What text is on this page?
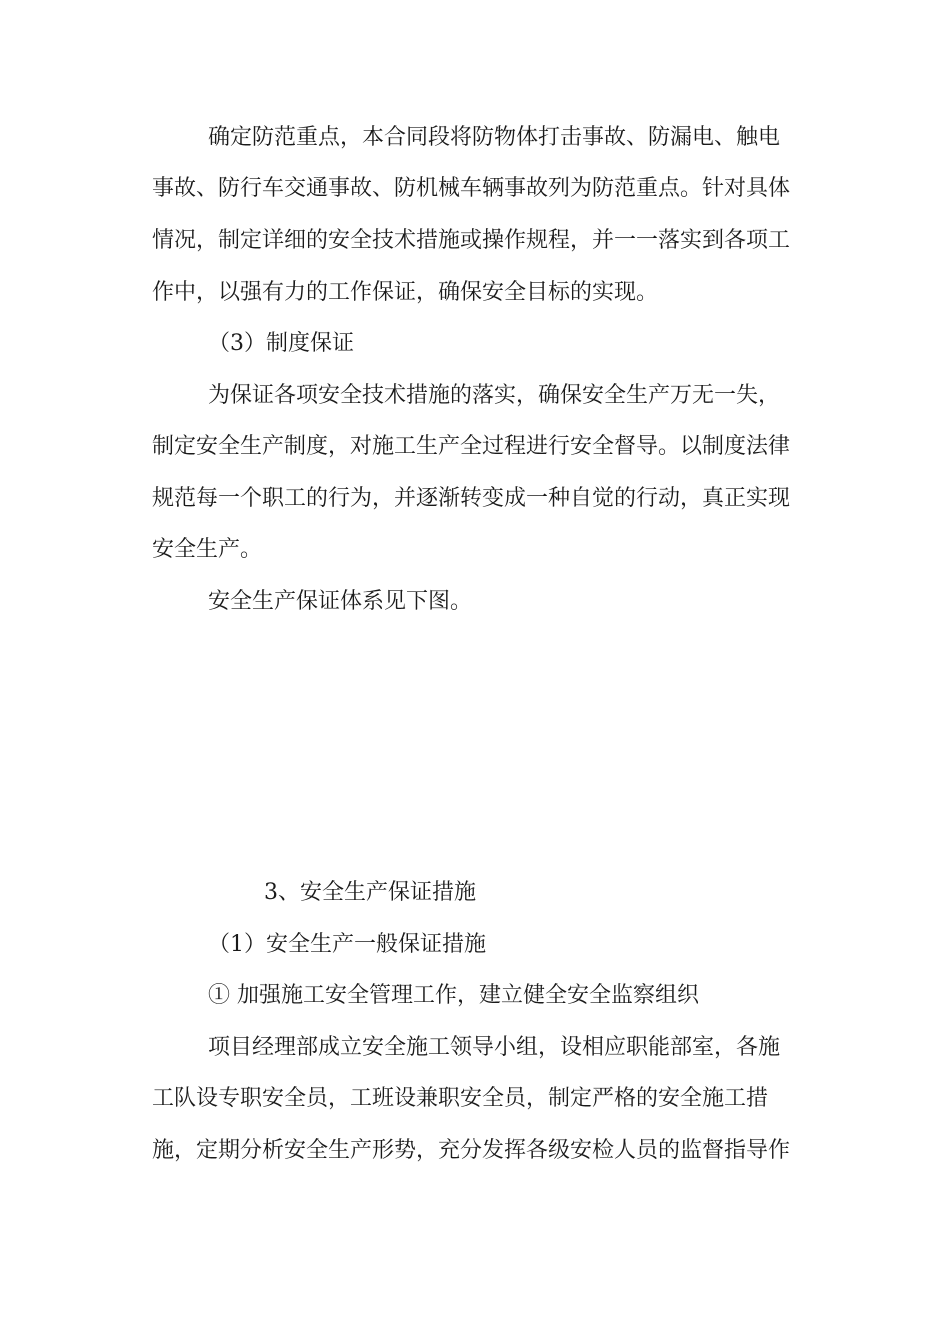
确定防范重点，本合同段将防物体打击事故、防漏电、触电

事故、防行车交通事故、防机械车辆事故列为防范重点。针对具体

情况，制定详细的安全技术措施或操作规程，并一一落实到各项工

作中，以强有力的工作保证，确保安全目标的实现。

（3）制度保证

为保证各项安全技术措施的落实，确保安全生产万无一失，

制定安全生产制度，对施工生产全过程进行安全督导。以制度法律

规范每一个职工的行为，并逐渐转变成一种自觉的行动，真正实现

安全生产。

安全生产保证体系见下图。

3、安全生产保证措施

（1）安全生产一般保证措施

① 加强施工安全管理工作，建立健全安全监察组织

项目经理部成立安全施工领导小组，设相应职能部室，各施

工队设专职安全员，工班设兼职安全员，制定严格的安全施工措

施，定期分析安全生产形势，充分发挥各级安检人员的监督指导作
